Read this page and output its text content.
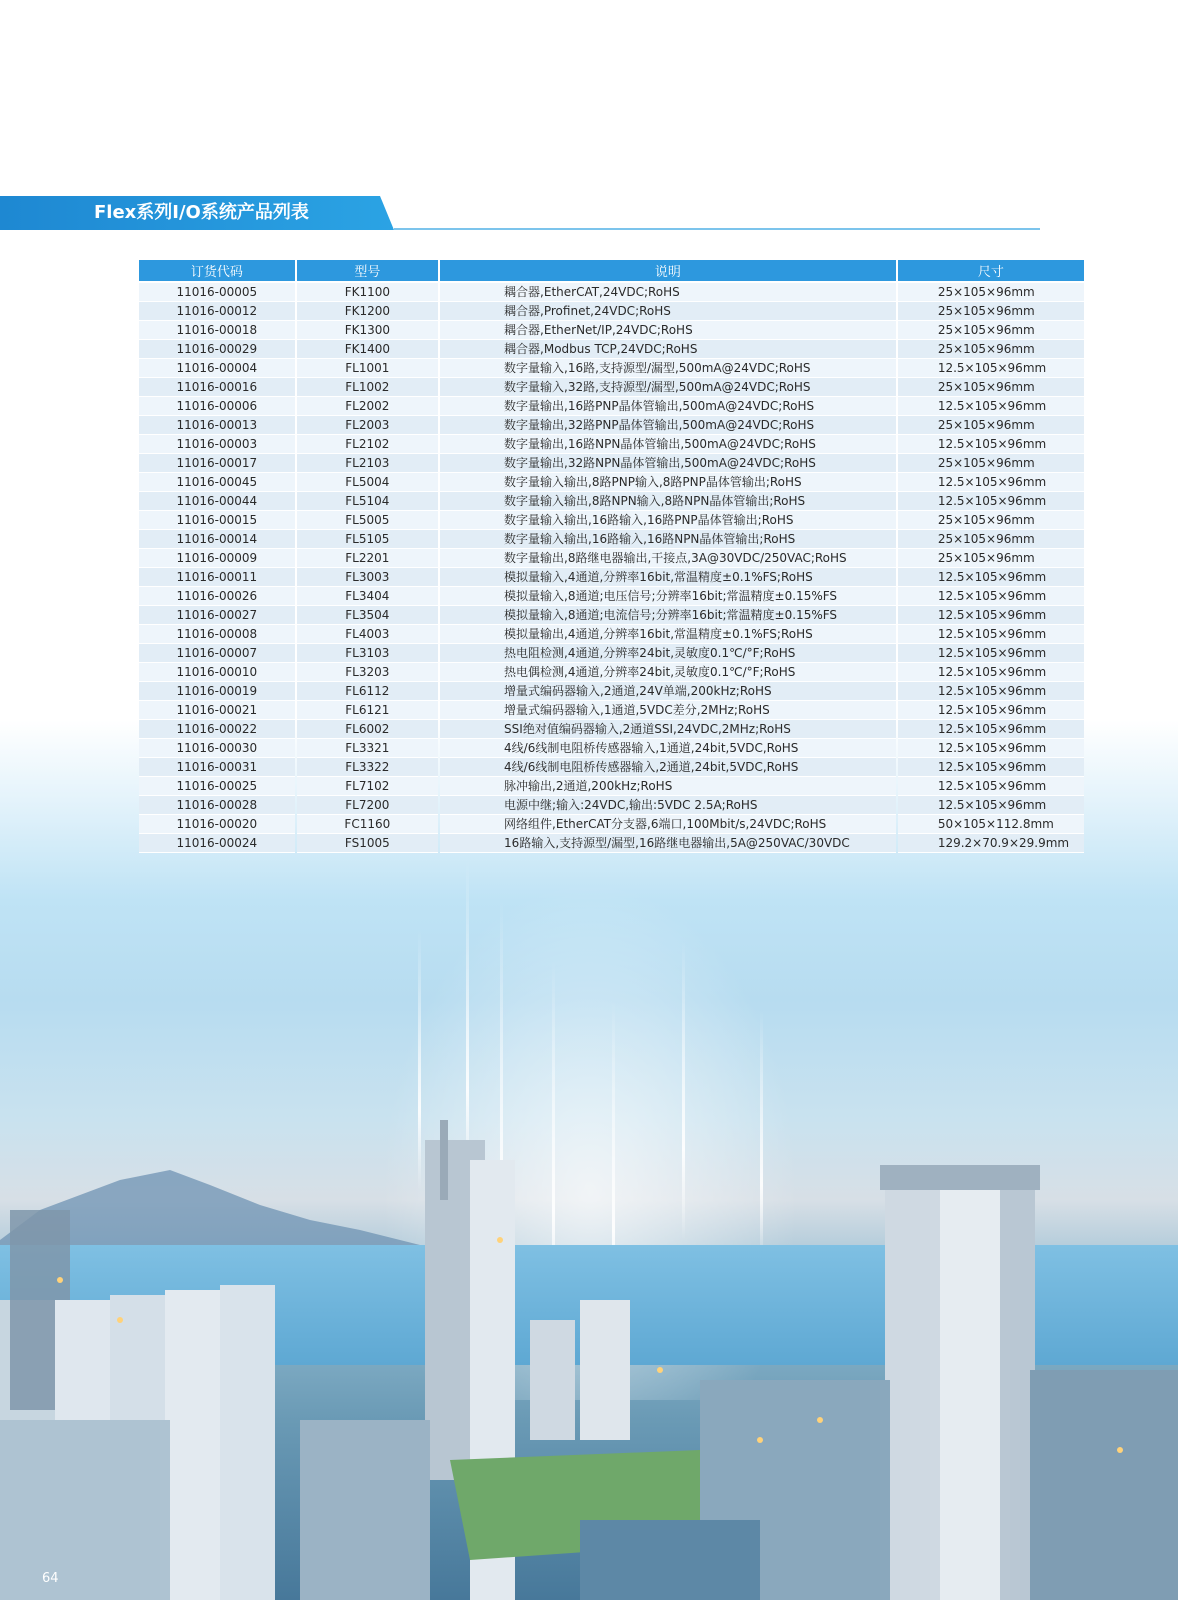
Flex系列I/O系统产品列表
订货代码	型号	说明	尺寸
11016-00005	FK1100	耦合器,EtherCAT,24VDC;RoHS	25×105×96mm
11016-00012	FK1200	耦合器,Profinet,24VDC;RoHS	25×105×96mm
11016-00018	FK1300	耦合器,EtherNet/IP,24VDC;RoHS	25×105×96mm
11016-00029	FK1400	耦合器,Modbus TCP,24VDC;RoHS	25×105×96mm
11016-00004	FL1001	数字量输入,16路,支持源型/漏型,500mA@24VDC;RoHS	12.5×105×96mm
11016-00016	FL1002	数字量输入,32路,支持源型/漏型,500mA@24VDC;RoHS	25×105×96mm
11016-00006	FL2002	数字量输出,16路PNP晶体管输出,500mA@24VDC;RoHS	12.5×105×96mm
11016-00013	FL2003	数字量输出,32路PNP晶体管输出,500mA@24VDC;RoHS	25×105×96mm
11016-00003	FL2102	数字量输出,16路NPN晶体管输出,500mA@24VDC;RoHS	12.5×105×96mm
11016-00017	FL2103	数字量输出,32路NPN晶体管输出,500mA@24VDC;RoHS	25×105×96mm
11016-00045	FL5004	数字量输入输出,8路PNP输入,8路PNP晶体管输出;RoHS	12.5×105×96mm
11016-00044	FL5104	数字量输入输出,8路NPN输入,8路NPN晶体管输出;RoHS	12.5×105×96mm
11016-00015	FL5005	数字量输入输出,16路输入,16路PNP晶体管输出;RoHS	25×105×96mm
11016-00014	FL5105	数字量输入输出,16路输入,16路NPN晶体管输出;RoHS	25×105×96mm
11016-00009	FL2201	数字量输出,8路继电器输出,干接点,3A@30VDC/250VAC;RoHS	25×105×96mm
11016-00011	FL3003	模拟量输入,4通道,分辨率16bit,常温精度±0.1%FS;RoHS	12.5×105×96mm
11016-00026	FL3404	模拟量输入,8通道;电压信号;分辨率16bit;常温精度±0.15%FS	12.5×105×96mm
11016-00027	FL3504	模拟量输入,8通道;电流信号;分辨率16bit;常温精度±0.15%FS	12.5×105×96mm
11016-00008	FL4003	模拟量输出,4通道,分辨率16bit,常温精度±0.1%FS;RoHS	12.5×105×96mm
11016-00007	FL3103	热电阻检测,4通道,分辨率24bit,灵敏度0.1℃/°F;RoHS	12.5×105×96mm
11016-00010	FL3203	热电偶检测,4通道,分辨率24bit,灵敏度0.1℃/°F;RoHS	12.5×105×96mm
11016-00019	FL6112	增量式编码器输入,2通道,24V单端,200kHz;RoHS	12.5×105×96mm
11016-00021	FL6121	增量式编码器输入,1通道,5VDC差分,2MHz;RoHS	12.5×105×96mm
11016-00022	FL6002	SSI绝对值编码器输入,2通道SSI,24VDC,2MHz;RoHS	12.5×105×96mm
11016-00030	FL3321	4线/6线制电阻桥传感器输入,1通道,24bit,5VDC,RoHS	12.5×105×96mm
11016-00031	FL3322	4线/6线制电阻桥传感器输入,2通道,24bit,5VDC,RoHS	12.5×105×96mm
11016-00025	FL7102	脉冲输出,2通道,200kHz;RoHS	12.5×105×96mm
11016-00028	FL7200	电源中继;输入:24VDC,输出:5VDC 2.5A;RoHS	12.5×105×96mm
11016-00020	FC1160	网络组件,EtherCAT分支器,6端口,100Mbit/s,24VDC;RoHS	50×105×112.8mm
11016-00024	FS1005	16路输入,支持源型/漏型,16路继电器输出,5A@250VAC/30VDC	129.2×70.9×29.9mm
64
